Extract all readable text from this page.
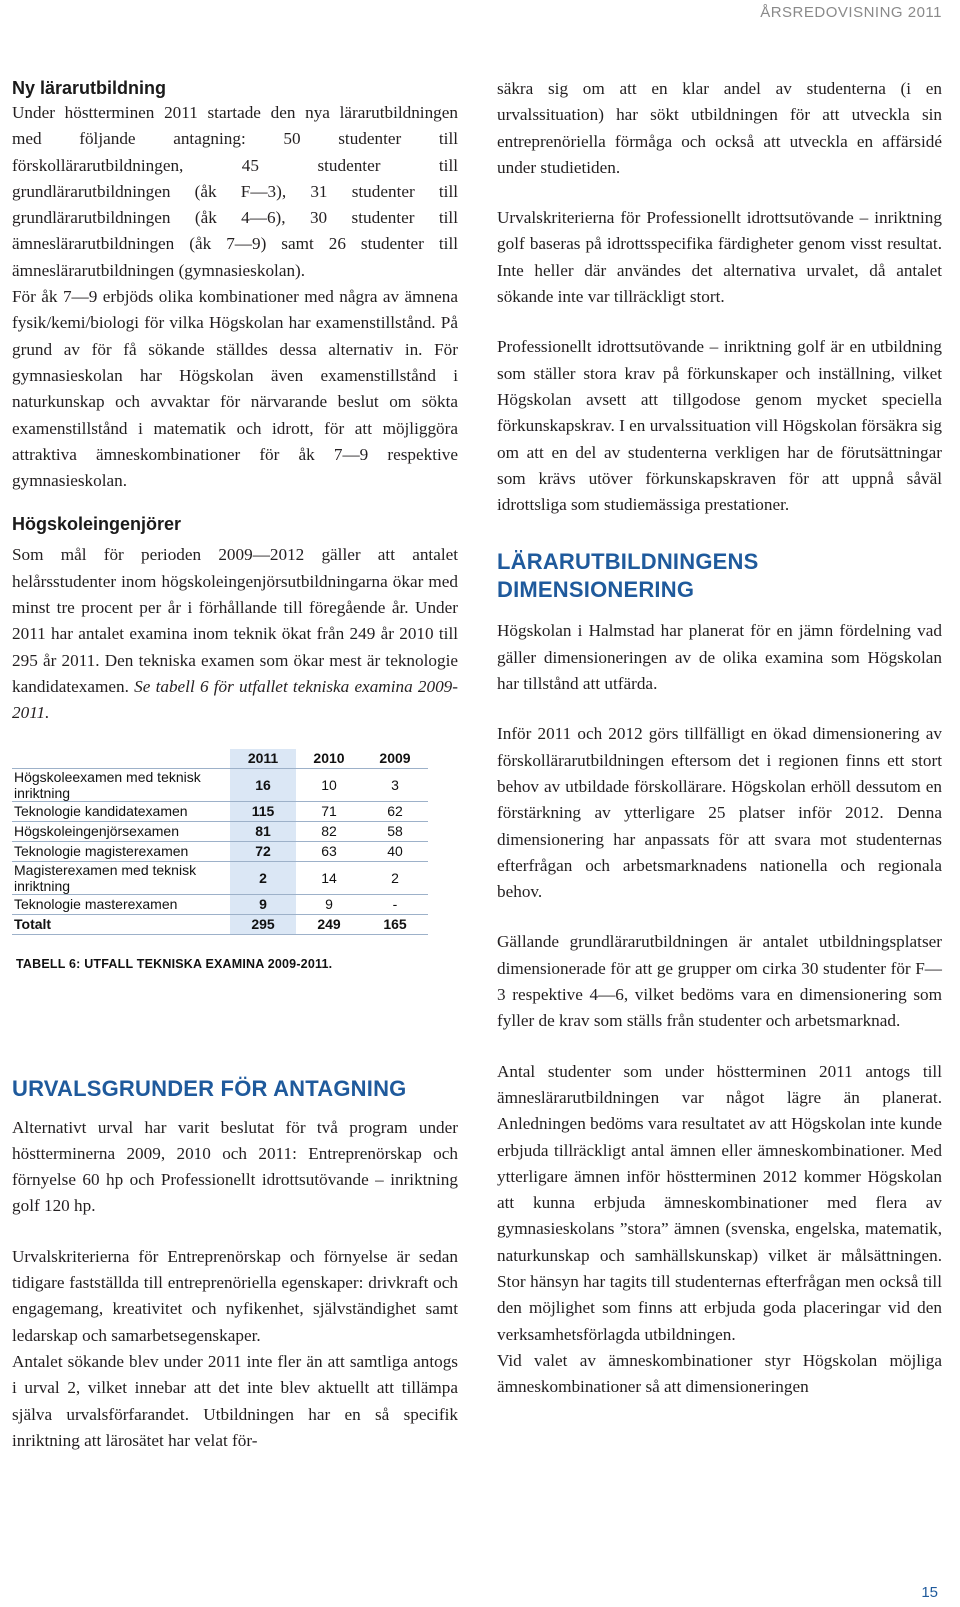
ÅRSREDOVISNING 2011
Ny lärarutbildning

Under höstterminen 2011 startade den nya lärarutbildningen med följande antagning: 50 studenter till förskollärarutbildningen, 45 studenter till grundlärarutbildningen (åk F—3), 31 studenter till grundlärarutbildningen (åk 4—6), 30 studenter till ämneslärarutbildningen (åk 7—9) samt 26 studenter till ämneslärarutbildningen (gymnasieskolan).

För åk 7—9 erbjöds olika kombinationer med några av ämnena fysik/kemi/biologi för vilka Högskolan har examenstillstånd. På grund av för få sökande ställdes dessa alternativ in. För gymnasieskolan har Högskolan även examenstillstånd i naturkunskap och avvaktar för närvarande beslut om sökta examenstillstånd i matematik och idrott, för att möjliggöra attraktiva ämneskombinationer för åk 7—9 respektive gymnasieskolan.

Högskoleingenjörer

Som mål för perioden 2009—2012 gäller att antalet helårsstudenter inom högskoleingenjörsutbildningarna ökar med minst tre procent per år i förhållande till föregående år. Under 2011 har antalet examina inom teknik ökat från 249 år 2010 till 295 år 2011. Den tekniska examen som ökar mest är teknologie kandidatexamen. Se tabell 6 för utfallet tekniska examina 2009-2011.

	2011	2010	2009
Högskoleexamen med teknisk inriktning	16	10	3
Teknologie kandidatexamen	115	71	62
Högskoleingenjörsexamen	81	82	58
Teknologie magisterexamen	72	63	40
Magisterexamen med teknisk inriktning	2	14	2
Teknologie masterexamen	9	9	-
Totalt	295	249	165
TABELL 6: UTFALL TEKNISKA EXAMINA 2009-2011.
URVALSGRUNDER FÖR ANTAGNING

Alternativt urval har varit beslutat för två program under höstterminerna 2009, 2010 och 2011: Entreprenörskap och förnyelse 60 hp och Professionellt idrottsutövande – inriktning golf 120 hp.

Urvalskriterierna för Entreprenörskap och förnyelse är sedan tidigare fastställda till entreprenöriella egenskaper: drivkraft och engagemang, kreativitet och nyfikenhet, självständighet samt ledarskap och samarbetsegenskaper.

Antalet sökande blev under 2011 inte fler än att samtliga antogs i urval 2, vilket innebar att det inte blev aktuellt att tillämpa själva urvalsförfarandet. Utbildningen har en så specifik inriktning att lärosätet har velat för-

säkra sig om att en klar andel av studenterna (i en urvalssituation) har sökt utbildningen för att utveckla sin entreprenöriella förmåga och också att utveckla en affärsidé under studietiden.

Urvalskriterierna för Professionellt idrottsutövande – inriktning golf baseras på idrottsspecifika färdigheter genom visst resultat. Inte heller där användes det alternativa urvalet, då antalet sökande inte var tillräckligt stort.

Professionellt idrottsutövande – inriktning golf är en utbildning som ställer stora krav på förkunskaper och inställning, vilket Högskolan avsett att tillgodose genom mycket speciella förkunskapskrav. I en urvalssituation vill Högskolan försäkra sig om att en del av studenterna verkligen har de förutsättningar som krävs utöver förkunskapskraven för att uppnå såväl idrottsliga som studiemässiga prestationer.

LÄRARUTBILDNINGENS DIMENSIONERING

Högskolan i Halmstad har planerat för en jämn fördelning vad gäller dimensioneringen av de olika examina som Högskolan har tillstånd att utfärda.

Inför 2011 och 2012 görs tillfälligt en ökad dimensionering av förskollärarutbildningen eftersom det i regionen finns ett stort behov av utbildade förskollärare. Högskolan erhöll dessutom en förstärkning av ytterligare 25 platser inför 2012. Denna dimensionering har anpassats för att svara mot studenternas efterfrågan och arbetsmarknadens nationella och regionala behov.

Gällande grundlärarutbildningen är antalet utbildningsplatser dimensionerade för att ge grupper om cirka 30 studenter för F—3 respektive 4—6, vilket bedöms vara en dimensionering som fyller de krav som ställs från studenter och arbetsmarknad.

Antal studenter som under höstterminen 2011 antogs till ämneslärarutbildningen var något lägre än planerat. Anledningen bedöms vara resultatet av att Högskolan inte kunde erbjuda tillräckligt antal ämnen eller ämneskombinationer. Med ytterligare ämnen inför höstterminen 2012 kommer Högskolan att kunna erbjuda ämneskombinationer med flera av gymnasieskolans ”stora” ämnen (svenska, engelska, matematik, naturkunskap och samhällskunskap) vilket är målsättningen. Stor hänsyn har tagits till studenternas efterfrågan men också till den möjlighet som finns att erbjuda goda placeringar vid den verksamhetsförlagda utbildningen.

Vid valet av ämneskombinationer styr Högskolan möjliga ämneskombinationer så att dimensioneringen

15
